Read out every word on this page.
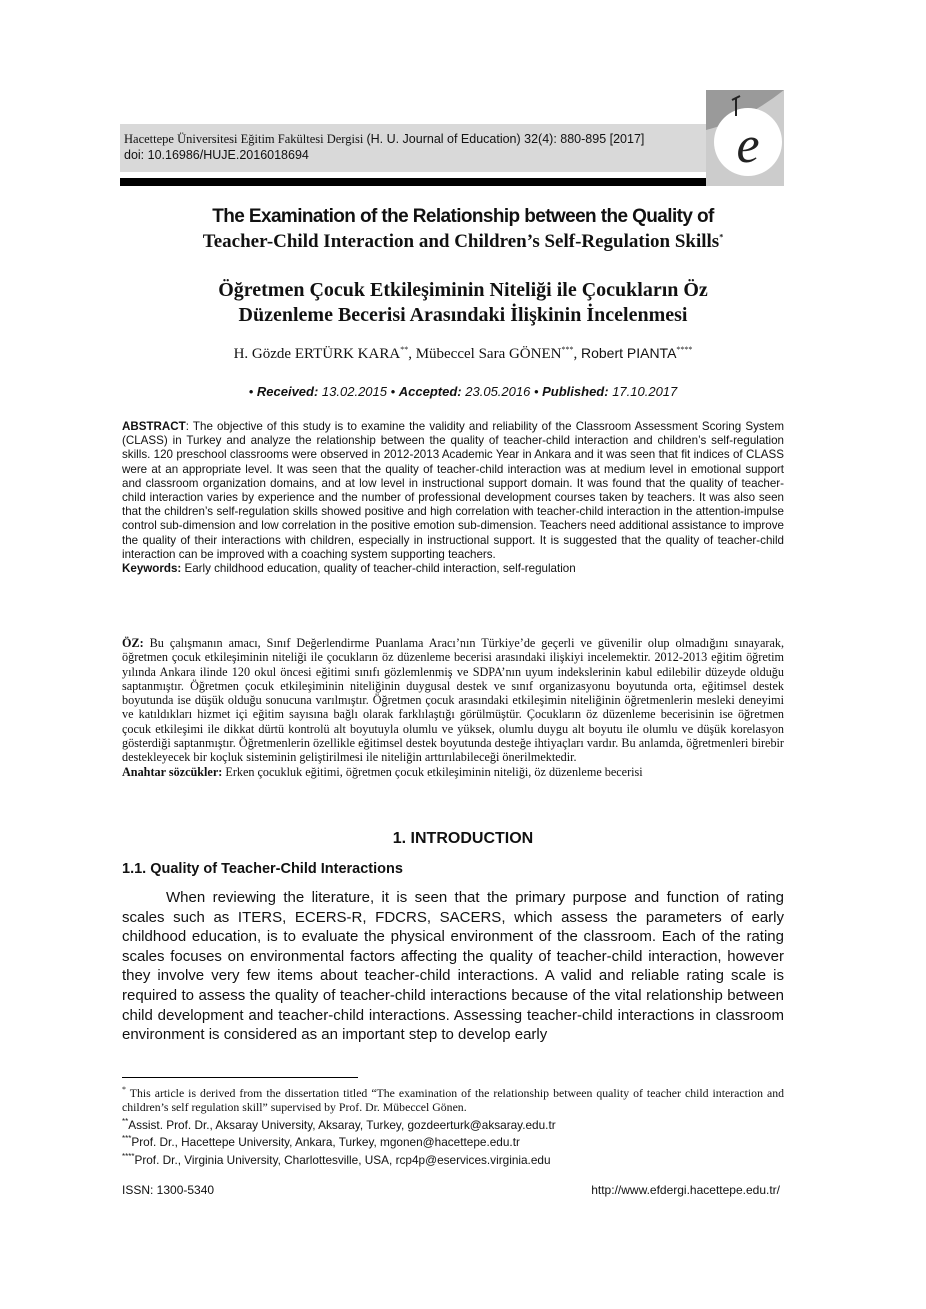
Hacettepe Üniversitesi Eğitim Fakültesi Dergisi (H. U. Journal of Education) 32(4): 880-895 [2017]
doi: 10.16986/HUJE.2016018694	e
The Examination of the Relationship between the Quality of
Teacher-Child Interaction and Children’s Self-Regulation Skills*
Öğretmen Çocuk Etkileşiminin Niteliği ile Çocukların Öz Düzenleme Becerisi Arasındaki İlişkinin İncelenmesi
H. Gözde ERTÜRK KARA**, Mübeccel Sara GÖNEN***, Robert PIANTA****
• Received: 13.02.2015 • Accepted: 23.05.2016 • Published: 17.10.2017
ABSTRACT: The objective of this study is to examine the validity and reliability of the Classroom Assessment Scoring System (CLASS) in Turkey and analyze the relationship between the quality of teacher-child interaction and children’s self-regulation skills. 120 preschool classrooms were observed in 2012-2013 Academic Year in Ankara and it was seen that fit indices of CLASS were at an appropriate level. It was seen that the quality of teacher-child interaction was at medium level in emotional support and classroom organization domains, and at low level in instructional support domain. It was found that the quality of teacher-child interaction varies by experience and the number of professional development courses taken by teachers. It was also seen that the children’s self-regulation skills showed positive and high correlation with teacher-child interaction in the attention-impulse control sub-dimension and low correlation in the positive emotion sub-dimension. Teachers need additional assistance to improve the quality of their interactions with children, especially in instructional support. It is suggested that the quality of teacher-child interaction can be improved with a coaching system supporting teachers.
Keywords: Early childhood education, quality of teacher-child interaction, self-regulation
ÖZ: Bu çalışmanın amacı, Sınıf Değerlendirme Puanlama Aracı’nın Türkiye’de geçerli ve güvenilir olup olmadığını sınayarak, öğretmen çocuk etkileşiminin niteliği ile çocukların öz düzenleme becerisi arasındaki ilişkiyi incelemektir. 2012-2013 eğitim öğretim yılında Ankara ilinde 120 okul öncesi eğitimi sınıfı gözlemlenmiş ve SDPA’nın uyum indekslerinin kabul edilebilir düzeyde olduğu saptanmıştır. Öğretmen çocuk etkileşiminin niteliğinin duygusal destek ve sınıf organizasyonu boyutunda orta, eğitimsel destek boyutunda ise düşük olduğu sonucuna varılmıştır. Öğretmen çocuk arasındaki etkileşimin niteliğinin öğretmenlerin mesleki deneyimi ve katıldıkları hizmet içi eğitim sayısına bağlı olarak farklılaştığı görülmüştür. Çocukların öz düzenleme becerisinin ise öğretmen çocuk etkileşimi ile dikkat dürtü kontrolü alt boyutuyla olumlu ve yüksek, olumlu duygu alt boyutu ile olumlu ve düşük korelasyon gösterdiği saptanmıştır. Öğretmenlerin özellikle eğitimsel destek boyutunda desteğe ihtiyaçları vardır. Bu anlamda, öğretmenleri birebir destekleyecek bir koçluk sisteminin geliştirilmesi ile niteliğin arttırılabileceği önerilmektedir.
Anahtar sözcükler: Erken çocukluk eğitimi, öğretmen çocuk etkileşiminin niteliği, öz düzenleme becerisi
1. INTRODUCTION
1.1. Quality of Teacher-Child Interactions
When reviewing the literature, it is seen that the primary purpose and function of rating scales such as ITERS, ECERS-R, FDCRS, SACERS, which assess the parameters of early childhood education, is to evaluate the physical environment of the classroom. Each of the rating scales focuses on environmental factors affecting the quality of teacher-child interaction, however they involve very few items about teacher-child interactions. A valid and reliable rating scale is required to assess the quality of teacher-child interactions because of the vital relationship between child development and teacher-child interactions. Assessing teacher-child interactions in classroom environment is considered as an important step to develop early
* This article is derived from the dissertation titled “The examination of the relationship between quality of teacher child interaction and children’s self regulation skill” supervised by Prof. Dr. Mübeccel Gönen.
**Assist. Prof. Dr., Aksaray University, Aksaray, Turkey, gozdeerturk@aksaray.edu.tr
***Prof. Dr., Hacettepe University, Ankara, Turkey, mgonen@hacettepe.edu.tr
****Prof. Dr., Virginia University, Charlottesville, USA, rcp4p@eservices.virginia.edu
ISSN: 1300-5340	http://www.efdergi.hacettepe.edu.tr/
